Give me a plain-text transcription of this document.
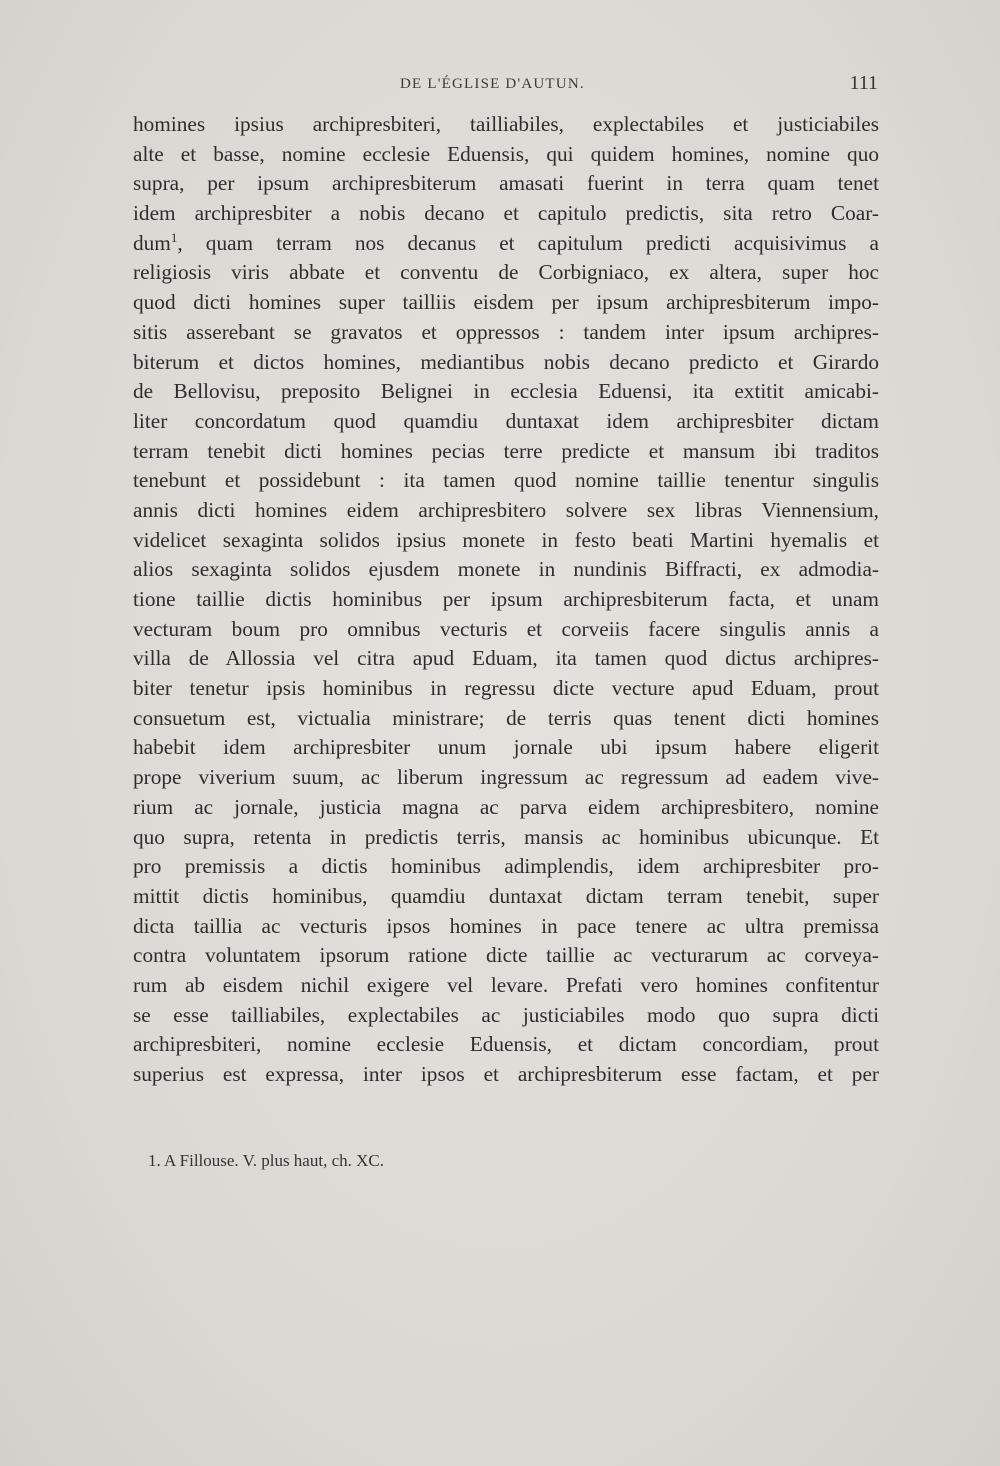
DE L'ÉGLISE D'AUTUN.	111
homines ipsius archipresbiteri, tailliabiles, explectabiles et justiciabiles
alte et basse, nomine ecclesie Eduensis, qui quidem homines, nomine quo
supra, per ipsum archipresbiterum amasati fuerint in terra quam tenet
idem archipresbiter a nobis decano et capitulo predictis, sita retro Coar-
dum$^1$, quam terram nos decanus et capitulum predicti acquisivimus a
religiosis viris abbate et conventu de Corbigniaco, ex altera, super hoc
quod dicti homines super tailliis eisdem per ipsum archipresbiterum impo-
sitis asserebant se gravatos et oppressos : tandem inter ipsum archipres-
biterum et dictos homines, mediantibus nobis decano predicto et Girardo
de Bellovisu, preposito Belignei in ecclesia Eduensi, ita extitit amicabi-
liter concordatum quod quamdiu duntaxat idem archipresbiter dictam
terram tenebit dicti homines pecias terre predicte et mansum ibi traditos
tenebunt et possidebunt : ita tamen quod nomine taillie tenentur singulis
annis dicti homines eidem archipresbitero solvere sex libras Viennensium,
videlicet sexaginta solidos ipsius monete in festo beati Martini hyemalis et
alios sexaginta solidos ejusdem monete in nundinis Biffracti, ex admodia-
tione taillie dictis hominibus per ipsum archipresbiterum facta, et unam
vecturam boum pro omnibus vecturis et corveiis facere singulis annis a
villa de Allossia vel citra apud Eduam, ita tamen quod dictus archipres-
biter tenetur ipsis hominibus in regressu dicte vecture apud Eduam, prout
consuetum est, victualia ministrare; de terris quas tenent dicti homines
habebit idem archipresbiter unum jornale ubi ipsum habere eligerit
prope viverium suum, ac liberum ingressum ac regressum ad eadem vive-
rium ac jornale, justicia magna ac parva eidem archipresbitero, nomine
quo supra, retenta in predictis terris, mansis ac hominibus ubicunque. Et
pro premissis a dictis hominibus adimplendis, idem archipresbiter pro-
mittit dictis hominibus, quamdiu duntaxat dictam terram tenebit, super
dicta taillia ac vecturis ipsos homines in pace tenere ac ultra premissa
contra voluntatem ipsorum ratione dicte taillie ac vecturarum ac corveya-
rum ab eisdem nichil exigere vel levare. Prefati vero homines confitentur
se esse tailliabiles, explectabiles ac justiciabiles modo quo supra dicti
archipresbiteri, nomine ecclesie Eduensis, et dictam concordiam, prout
superius est expressa, inter ipsos et archipresbiterum esse factam, et per
1. A Fillouse. V. plus haut, ch. XC.
